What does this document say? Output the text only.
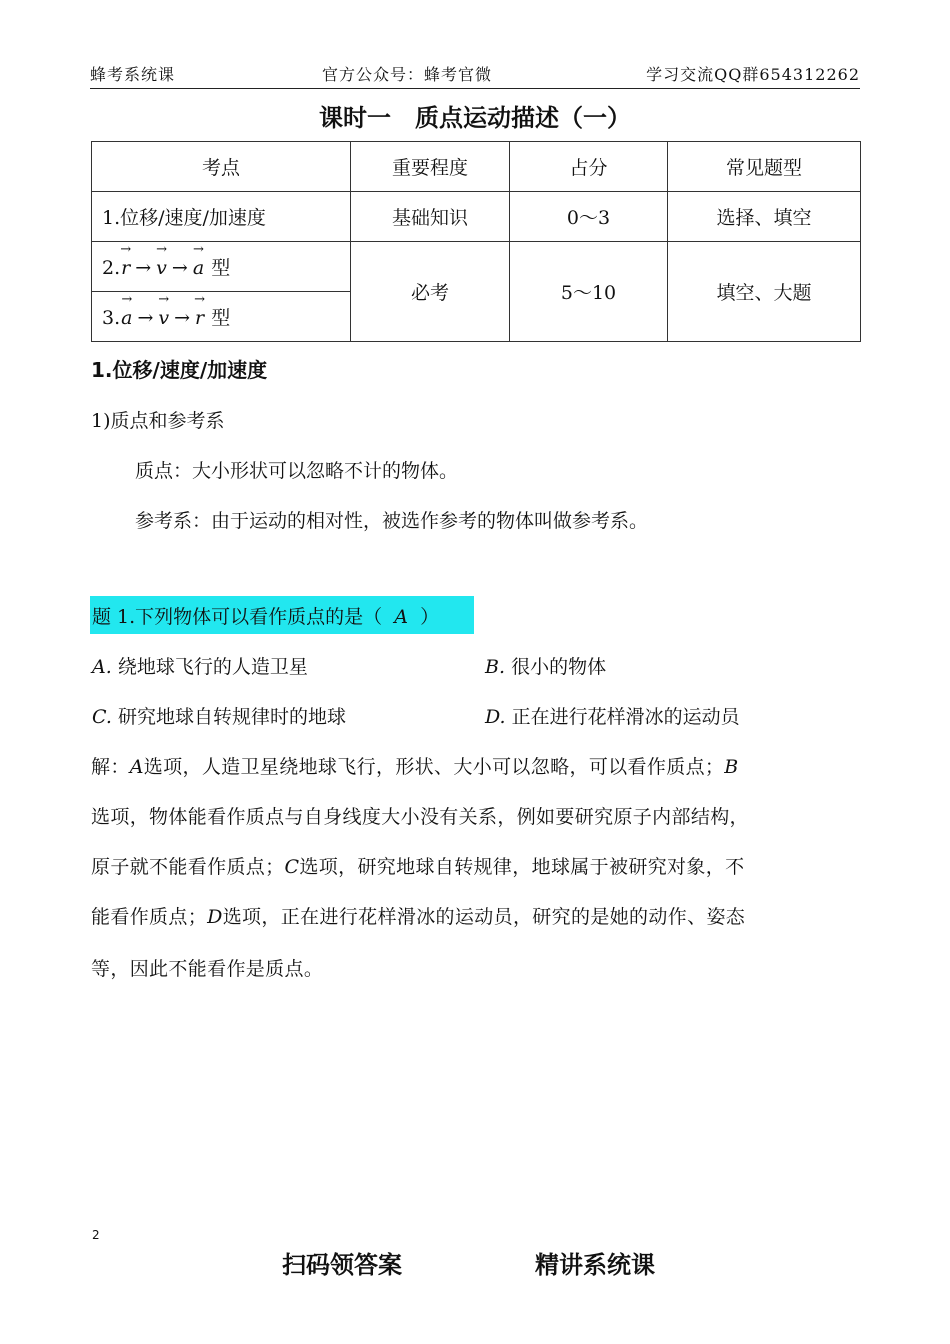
蜂考系统课	官方公众号：蜂考官微	学习交流QQ群654312262
课时一　质点运动描述（一）
考点	重要程度	占分	常见题型
1.位移/速度/加速度	基础知识	0～3	选择、填空
2.→ r → → v → → a 型	必考	5～10	填空、大题
3.→ a → → v → → r 型
1.位移/速度/加速度
1)质点和参考系
质点：大小形状可以忽略不计的物体。
参考系：由于运动的相对性，被选作参考的物体叫做参考系。
题 1.下列物体可以看作质点的是（ A ）
A. 绕地球飞行的人造卫星	B. 很小的物体
C. 研究地球自转规律时的地球	D. 正在进行花样滑冰的运动员
解：A选项，人造卫星绕地球飞行，形状、大小可以忽略，可以看作质点；B
选项，物体能看作质点与自身线度大小没有关系，例如要研究原子内部结构，
原子就不能看作质点；C选项，研究地球自转规律，地球属于被研究对象，不
能看作质点；D选项，正在进行花样滑冰的运动员，研究的是她的动作、姿态
等，因此不能看作是质点。
2
扫码领答案	精讲系统课
